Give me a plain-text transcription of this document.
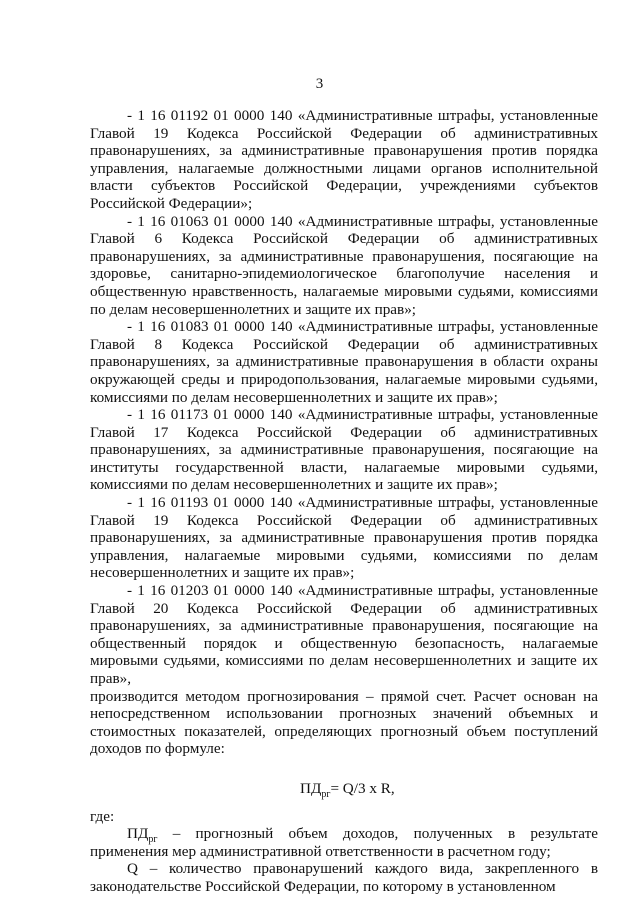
3

- 1 16 01192 01 0000 140 «Административные штрафы, установленные Главой 19 Кодекса Российской Федерации об административных правонарушениях, за административные правонарушения против порядка управления, налагаемые должностными лицами органов исполнительной власти субъектов Российской Федерации, учреждениями субъектов Российской Федерации»;

- 1 16 01063 01 0000 140 «Административные штрафы, установленные Главой 6 Кодекса Российской Федерации об административных правонарушениях, за административные правонарушения, посягающие на здоровье, санитарно-эпидемиологическое благополучие населения и общественную нравственность, налагаемые мировыми судьями, комиссиями по делам несовершеннолетних и защите их прав»;

- 1 16 01083 01 0000 140 «Административные штрафы, установленные Главой 8 Кодекса Российской Федерации об административных правонарушениях, за административные правонарушения в области охраны окружающей среды и природопользования, налагаемые мировыми судьями, комиссиями по делам несовершеннолетних и защите их прав»;

- 1 16 01173 01 0000 140 «Административные штрафы, установленные Главой 17 Кодекса Российской Федерации об административных правонарушениях, за административные правонарушения, посягающие на институты государственной власти, налагаемые мировыми судьями, комиссиями по делам несовершеннолетних и защите их прав»;

- 1 16 01193 01 0000 140 «Административные штрафы, установленные Главой 19 Кодекса Российской Федерации об административных правонарушениях, за административные правонарушения против порядка управления, налагаемые мировыми судьями, комиссиями по делам несовершеннолетних и защите их прав»;

- 1 16 01203 01 0000 140 «Административные штрафы, установленные Главой 20 Кодекса Российской Федерации об административных правонарушениях, за административные правонарушения, посягающие на общественный порядок и общественную безопасность, налагаемые мировыми судьями, комиссиями по делам несовершеннолетних и защите их прав»,

производится методом прогнозирования – прямой счет. Расчет основан на непосредственном использовании прогнозных значений объемных и стоимостных показателей, определяющих прогнозный объем поступлений доходов по формуле:

$ПД_{рг}= Q/3$ x R,

где:

$ПД_{рг}$ – прогнозный объем доходов, полученных в результате применения мер административной ответственности в расчетном году;

Q – количество правонарушений каждого вида, закрепленного в законодательстве Российской Федерации, по которому в установленном
